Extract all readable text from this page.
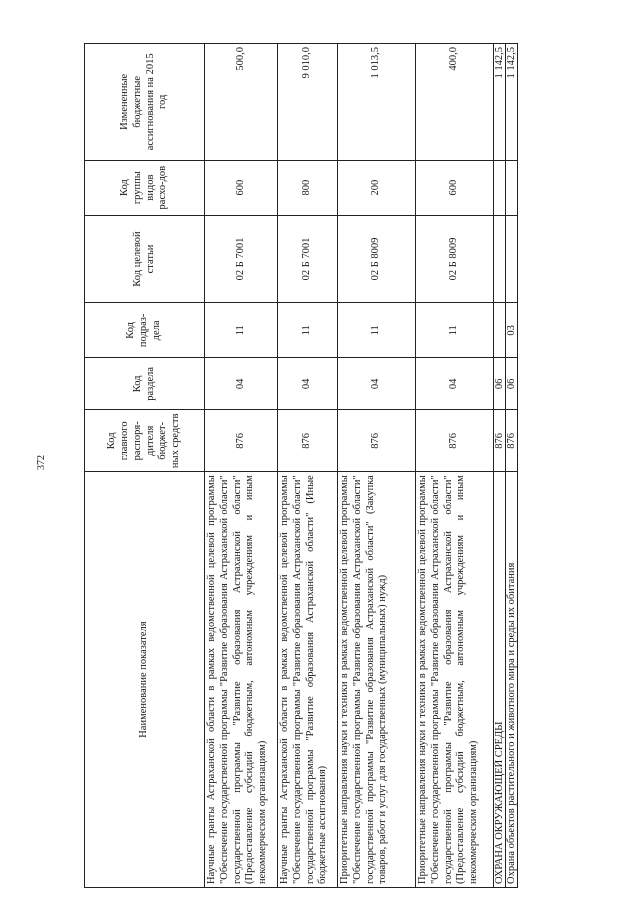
372
Наименование показателя	Код главного распоря-дителя бюджет-ных средств	Код раздела	Код подраз-дела	Код целевой статьи	Код группы видов расхо-дов	Измененные бюджетные ассигнования на 2015 год
Научные гранты Астраханской области в рамках ведомственной целевой программы "Обеспечение государственной программы "Развитие образования Астраханской области" государственной программы "Развитие образования Астраханской области" (Предоставление субсидий бюджетным, автономным учреждениям и иным некоммерческим организациям)	876	04	11	02 Б 7001	600	500,0
Научные гранты Астраханской области в рамках ведомственной целевой программы "Обеспечение государственной программы "Развитие образования Астраханской области" государственной программы "Развитие образования Астраханской области" (Иные бюджетные ассигнования)	876	04	11	02 Б 7001	800	9 010,0
Приоритетные направления науки и техники в рамках ведомственной целевой программы "Обеспечение государственной программы "Развитие образования Астраханской области" государственной программы "Развитие образования Астраханской области" (Закупка товаров, работ и услуг для государственных (муниципальных) нужд)	876	04	11	02 Б 8009	200	1 013,5
Приоритетные направления науки и техники в рамках ведомственной целевой программы "Обеспечение государственной программы "Развитие образования Астраханской области" государственной программы "Развитие образования Астраханской области" (Предоставление субсидий бюджетным, автономным учреждениям и иным некоммерческим организациям)	876	04	11	02 Б 8009	600	400,0
ОХРАНА ОКРУЖАЮЩЕЙ СРЕДЫ	876	06				1 142,5
Охрана объектов растительного и животного мира и среды их обитания	876	06	03			1 142,5
